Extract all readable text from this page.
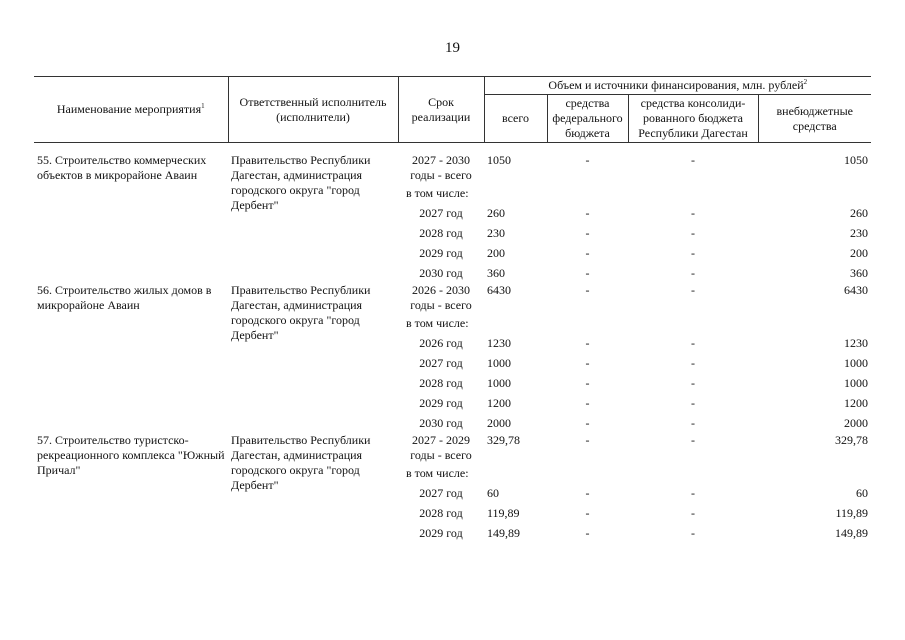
19
Наименование мероприятия$^1$	Ответственный исполнитель (исполнители)	Срок реализации	Объем и источники финансирования, млн. рублей$^2$
			всего	средства федерального бюджета	средства консолиди-рованного бюджета Республики Дагестан	внебюджетные средства

55. Строительство коммерческих объектов в микрорайоне Аваин	Правительство Республики Дагестан, администрация городского округа "город Дербент"	2027 - 2030 годы - всего	1050	-	-	1050
		в том числе:				
		2027 год	260	-	-	260
		2028 год	230	-	-	230
		2029 год	200	-	-	200
		2030 год	360	-	-	360
56. Строительство жилых домов в микрорайоне Аваин	Правительство Республики Дагестан, администрация городского округа "город Дербент"	2026 - 2030 годы - всего	6430	-	-	6430
		в том числе:				
		2026 год	1230	-	-	1230
		2027 год	1000	-	-	1000
		2028 год	1000	-	-	1000
		2029 год	1200	-	-	1200
		2030 год	2000	-	-	2000
57. Строительство туристско-рекреационного комплекса "Южный Причал"	Правительство Республики Дагестан, администрация городского округа "город Дербент"	2027 - 2029 годы - всего	329,78	-	-	329,78
		в том числе:				
		2027 год	60	-	-	60
		2028 год	119,89	-	-	119,89
		2029 год	149,89	-	-	149,89
